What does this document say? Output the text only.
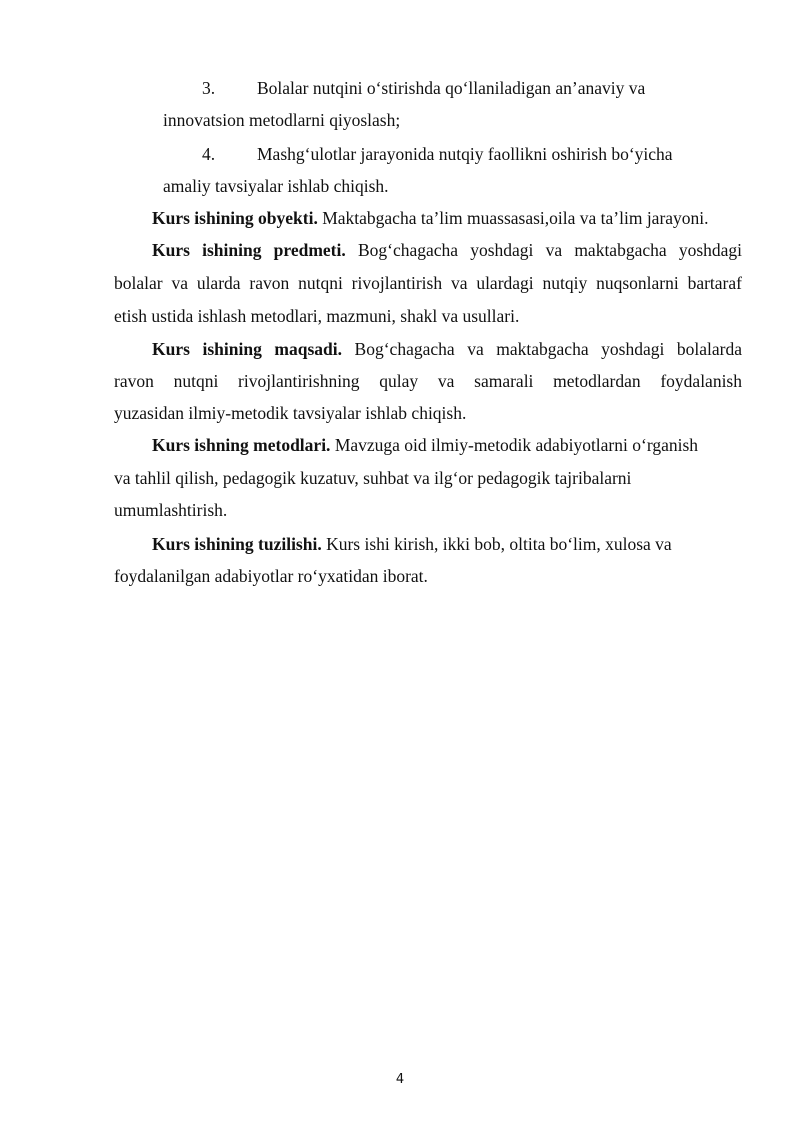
3. Bolalar nutqini o‘stirishda qo‘llaniladigan an’anaviy va
innovatsion metodlarni qiyoslash;
4. Mashg‘ulotlar jarayonida nutqiy faollikni oshirish bo‘yicha
amaliy tavsiyalar ishlab chiqish.
Kurs ishining obyekti. Maktabgacha ta’lim muassasasi,oila va ta’lim jarayoni.
Kurs ishining predmeti. Bog‘chagacha yoshdagi va maktabgacha yoshdagi
bolalar va ularda ravon nutqni rivojlantirish va ulardagi nutqiy nuqsonlarni bartaraf
etish ustida ishlash metodlari, mazmuni, shakl va usullari.
Kurs ishining maqsadi. Bog‘chagacha va maktabgacha yoshdagi bolalarda
ravon nutqni rivojlantirishning qulay va samarali metodlardan foydalanish
yuzasidan ilmiy-metodik tavsiyalar ishlab chiqish.
Kurs ishning metodlari. Mavzuga oid ilmiy-metodik adabiyotlarni o‘rganish
va tahlil qilish, pedagogik kuzatuv, suhbat va ilg‘or pedagogik tajribalarni
umumlashtirish.
Kurs ishining tuzilishi. Kurs ishi kirish, ikki bob, oltita bo‘lim, xulosa va
foydalanilgan adabiyotlar ro‘yxatidan iborat.
4
